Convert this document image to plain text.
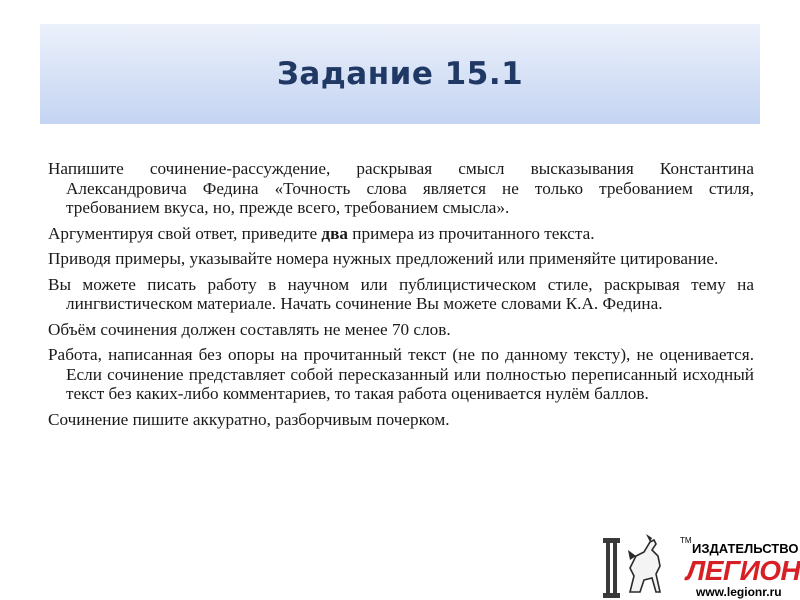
Задание 15.1

Напишите сочинение-рассуждение, раскрывая смысл высказывания Константина Александровича Федина «Точность слова является не только требованием стиля, требованием вкуса, но, прежде всего, требованием смысла».

Аргументируя свой ответ, приведите два примера из прочитанного текста.

Приводя примеры, указывайте номера нужных предложений или применяйте цитирование.

Вы можете писать работу в научном или публицистическом стиле, раскрывая тему на лингвистическом материале. Начать сочинение Вы можете словами К.А. Федина.

Объём сочинения должен составлять не менее 70 слов.

Работа, написанная без опоры на прочитанный текст (не по данному тексту), не оценивается. Если сочинение представляет собой пересказанный или полностью переписанный исходный текст без каких-либо комментариев, то такая работа оценивается нулём баллов.

Сочинение пишите аккуратно, разборчивым почерком.

TM
ИЗДАТЕЛЬСТВО
ЛЕГИОН
www.legionr.ru
